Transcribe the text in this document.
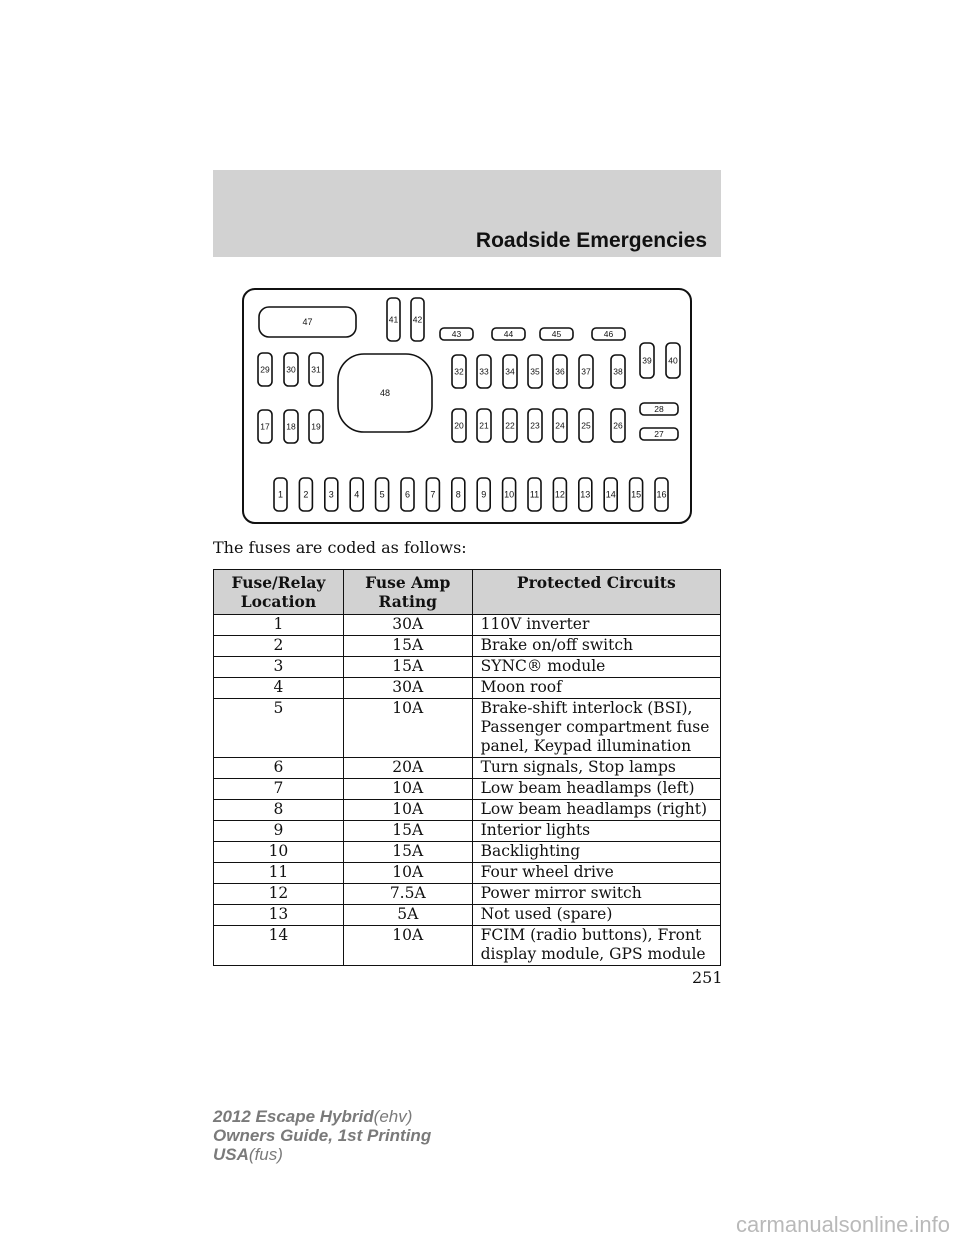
Roadside Emergencies
47
48
41 42
43	44	45	46
29
17
30
18
31
19
32
20
33
21
34
22
35
23
36
24
37
25
38
26
39 40
28
27
1 2 3 4 5 6 7 8 9 10 11 12 13 14 15 16
The fuses are coded as follows:
Fuse/Relay Location	Fuse Amp Rating	Protected Circuits
1	30A	110V inverter
2	15A	Brake on/off switch
3	15A	SYNC® module
4	30A	Moon roof
5	10A	Brake-shift interlock (BSI), Passenger compartment fuse panel, Keypad illumination
6	20A	Turn signals, Stop lamps
7	10A	Low beam headlamps (left)
8	10A	Low beam headlamps (right)
9	15A	Interior lights
10	15A	Backlighting
11	10A	Four wheel drive
12	7.5A	Power mirror switch
13	5A	Not used (spare)
14	10A	FCIM (radio buttons), Front display module, GPS module
251
2012 Escape Hybrid(ehv)
Owners Guide, 1st Printing
USA(fus)
carmanualsonline.info
